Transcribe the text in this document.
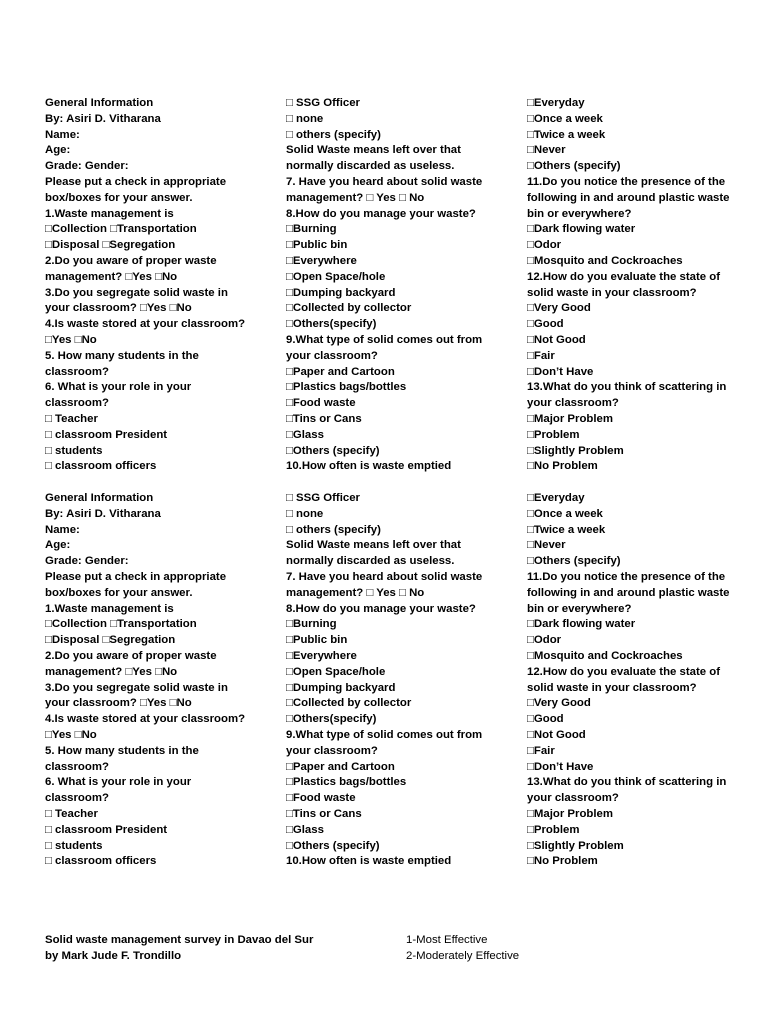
General Information
By: Asiri D. Vitharana
Name:
Age:
Grade: Gender:
Please put a check in appropriate
box/boxes for your answer.
1.Waste management is
□Collection □Transportation
□Disposal □Segregation
2.Do you aware of proper waste
management? □Yes □No
3.Do you segregate solid waste in
your classroom? □Yes □No
4.Is waste stored at your classroom?
□Yes □No
5. How many students in the
classroom?
6. What is your role in your
classroom?
□ Teacher
□ classroom President
□ students
□ classroom officers
□ SSG Officer
□ none
□ others (specify)
Solid Waste means left over that
normally discarded as useless.
7. Have you heard about solid waste
management? □ Yes □ No
8.How do you manage your waste?
□Burning
□Public bin
□Everywhere
□Open Space/hole
□Dumping backyard
□Collected by collector
□Others(specify)
9.What type of solid comes out from
your classroom?
□Paper and Cartoon
□Plastics bags/bottles
□Food waste
□Tins or Cans
□Glass
□Others (specify)
10.How often is waste emptied
□Everyday
□Once a week
□Twice a week
□Never
□Others (specify)
11.Do you notice the presence of the
following in and around plastic waste
bin or everywhere?
□Dark flowing water
□Odor
□Mosquito and Cockroaches
12.How do you evaluate the state of
solid waste in your classroom?
□Very Good
□Good
□Not Good
□Fair
□Don’t Have
13.What do you think of scattering in
your classroom?
□Major Problem
□Problem
□Slightly Problem
□No Problem
General Information
By: Asiri D. Vitharana
Name:
Age:
Grade: Gender:
Please put a check in appropriate
box/boxes for your answer.
1.Waste management is
□Collection □Transportation
□Disposal □Segregation
2.Do you aware of proper waste
management? □Yes □No
3.Do you segregate solid waste in
your classroom? □Yes □No
4.Is waste stored at your classroom?
□Yes □No
5. How many students in the
classroom?
6. What is your role in your
classroom?
□ Teacher
□ classroom President
□ students
□ classroom officers
□ SSG Officer
□ none
□ others (specify)
Solid Waste means left over that
normally discarded as useless.
7. Have you heard about solid waste
management? □ Yes □ No
8.How do you manage your waste?
□Burning
□Public bin
□Everywhere
□Open Space/hole
□Dumping backyard
□Collected by collector
□Others(specify)
9.What type of solid comes out from
your classroom?
□Paper and Cartoon
□Plastics bags/bottles
□Food waste
□Tins or Cans
□Glass
□Others (specify)
10.How often is waste emptied
□Everyday
□Once a week
□Twice a week
□Never
□Others (specify)
11.Do you notice the presence of the
following in and around plastic waste
bin or everywhere?
□Dark flowing water
□Odor
□Mosquito and Cockroaches
12.How do you evaluate the state of
solid waste in your classroom?
□Very Good
□Good
□Not Good
□Fair
□Don’t Have
13.What do you think of scattering in
your classroom?
□Major Problem
□Problem
□Slightly Problem
□No Problem
Solid waste management survey in Davao del Sur
by Mark Jude F. Trondillo
1-Most Effective
2-Moderately Effective
